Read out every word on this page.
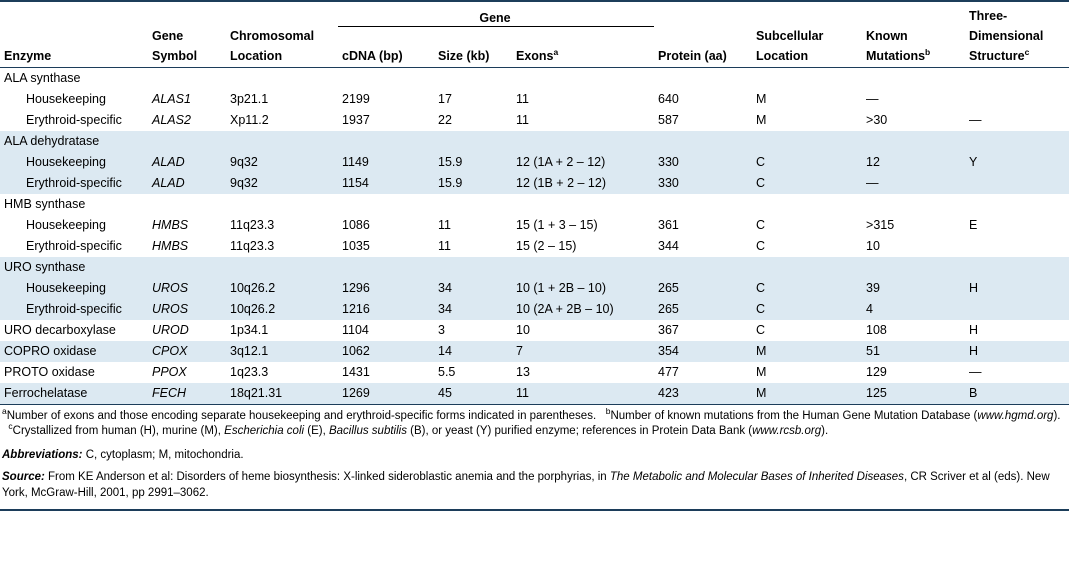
			Gene						Three-
	Gene	Chromosomal					Subcellular	Known	Dimensional
Enzyme	Symbol	Location	cDNA (bp)	Size (kb)	Exons$^a$	Protein (aa)	Location	Mutations$^b$	Structure$^c$
ALA synthase									
Housekeeping	ALAS1	3p21.1	2199	17	11	640	M	—	
Erythroid-specific	ALAS2	Xp11.2	1937	22	11	587	M	>30	—
ALA dehydratase									
Housekeeping	ALAD	9q32	1149	15.9	12 (1A + 2 – 12)	330	C	12	Y
Erythroid-specific	ALAD	9q32	1154	15.9	12 (1B + 2 – 12)	330	C	—	
HMB synthase									
Housekeeping	HMBS	11q23.3	1086	11	15 (1 + 3 – 15)	361	C	>315	E
Erythroid-specific	HMBS	11q23.3	1035	11	15 (2 – 15)	344	C	10	
URO synthase									
Housekeeping	UROS	10q26.2	1296	34	10 (1 + 2B – 10)	265	C	39	H
Erythroid-specific	UROS	10q26.2	1216	34	10 (2A + 2B – 10)	265	C	4	
URO decarboxylase	UROD	1p34.1	1104	3	10	367	C	108	H
COPRO oxidase	CPOX	3q12.1	1062	14	7	354	M	51	H
PROTO oxidase	PPOX	1q23.3	1431	5.5	13	477	M	129	—
Ferrochelatase	FECH	18q21.31	1269	45	11	423	M	125	B
$^a$Number of exons and those encoding separate housekeeping and erythroid-specific forms indicated in parentheses. $^b$Number of known mutations from the Human Gene Mutation Database (www.hgmd.org).   $^c$Crystallized from human (H), murine (M), Escherichia coli (E), Bacillus subtilis (B), or yeast (Y) purified enzyme; references in Protein Data Bank (www.rcsb.org).
Abbreviations: C, cytoplasm; M, mitochondria.
Source: From KE Anderson et al: Disorders of heme biosynthesis: X-linked sideroblastic anemia and the porphyrias, in The Metabolic and Molecular Bases of Inherited Diseases, CR Scriver et al (eds). New York, McGraw-Hill, 2001, pp 2991–3062.
